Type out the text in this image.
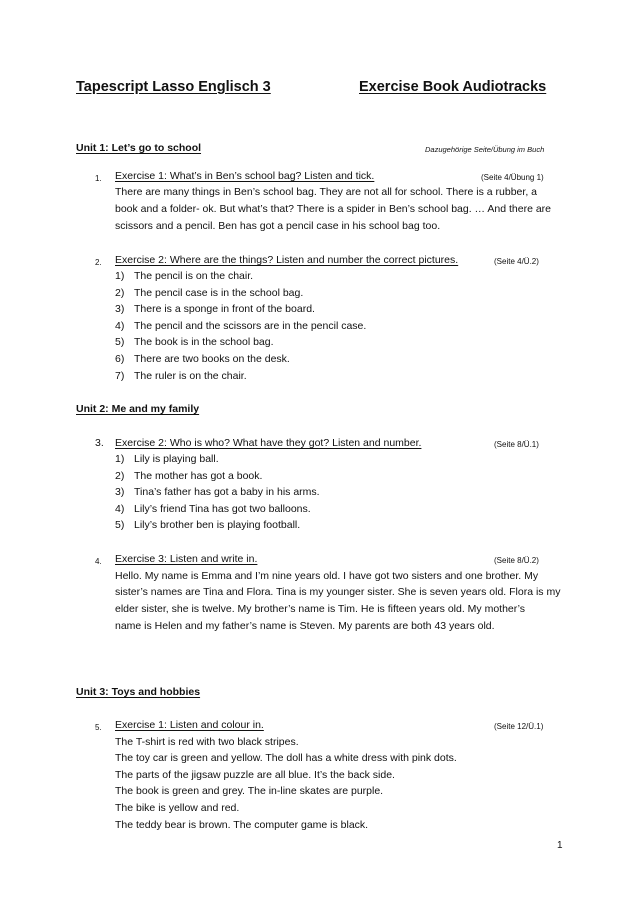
Tapescript Lasso Englisch 3	Exercise Book Audiotracks
Unit 1: Let’s go to school	Dazugehörige Seite/Übung im Buch
1. Exercise 1: What’s in Ben’s school bag? Listen and tick.	(Seite 4/Übung 1)
There are many things in Ben’s school bag. They are not all for school. There is a rubber, a
book and a folder- ok. But what’s that? There is a spider in Ben’s school bag. … And there are
scissors and a pencil. Ben has got a pencil case in his school bag too.
2. Exercise 2: Where are the things? Listen and number the correct pictures.	(Seite 4/Ü.2)
1) The pencil is on the chair.
2) The pencil case is in the school bag.
3) There is a sponge in front of the board.
4) The pencil and the scissors are in the pencil case.
5) The book is in the school bag.
6) There are two books on the desk.
7) The ruler is on the chair.
Unit 2: Me and my family
3. Exercise 2: Who is who? What have they got? Listen and number.	(Seite 8/Ü.1)
1) Lily is playing ball.
2) The mother has got a book.
3) Tina’s father has got a baby in his arms.
4) Lily’s friend Tina has got two balloons.
5) Lily’s brother ben is playing football.
4. Exercise 3: Listen and write in.	(Seite 8/Ü.2)
Hello. My name is Emma and I’m nine years old. I have got two sisters and one brother. My
sister’s names are Tina and Flora. Tina is my younger sister. She is seven years old. Flora is my
elder sister, she is twelve. My brother’s name is Tim. He is fifteen years old. My mother’s
name is Helen and my father’s name is Steven. My parents are both 43 years old.
Unit 3: Toys and hobbies
5. Exercise 1: Listen and colour in.	(Seite 12/Ü.1)
The T-shirt is red with two black stripes.
The toy car is green and yellow. The doll has a white dress with pink dots.
The parts of the jigsaw puzzle are all blue. It’s the back side.
The book is green and grey. The in-line skates are purple.
The bike is yellow and red.
The teddy bear is brown. The computer game is black.
1
